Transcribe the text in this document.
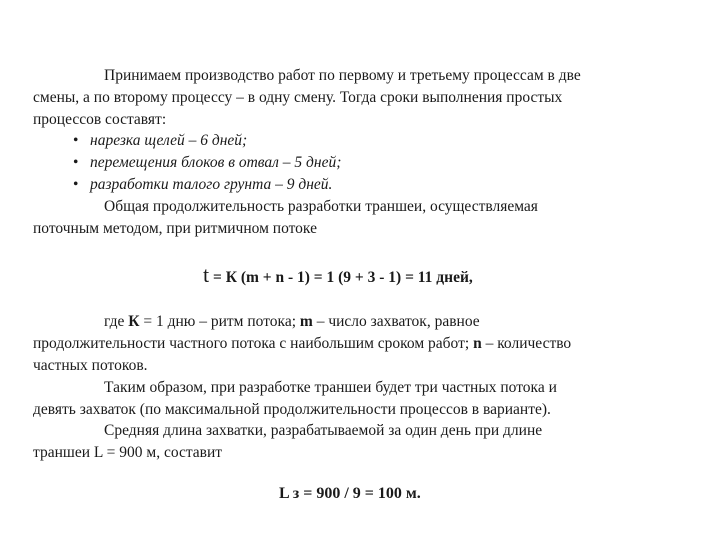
Принимаем производство работ по первому и третьему процессам в две
смены, а по второму процессу – в одну смену. Тогда сроки выполнения простых
процессов составят:
• нарезка щелей – 6 дней;
• перемещения блоков в отвал – 5 дней;
• разработки талого грунта – 9 дней.
Общая продолжительность разработки траншеи, осуществляемая
поточным методом, при ритмичном потоке
t = К (m + n - 1) = 1 (9 + 3 - 1) = 11 дней,
где К = 1 дню – ритм потока; m – число захваток, равное
продолжительности частного потока с наибольшим сроком работ; n – количество
частных потоков.
Таким образом, при разработке траншеи будет три частных потока и
девять захваток (по максимальной продолжительности процессов в варианте).
Средняя длина захватки, разрабатываемой за один день при длине
траншеи L = 900 м, составит
L з = 900 / 9 = 100 м.
